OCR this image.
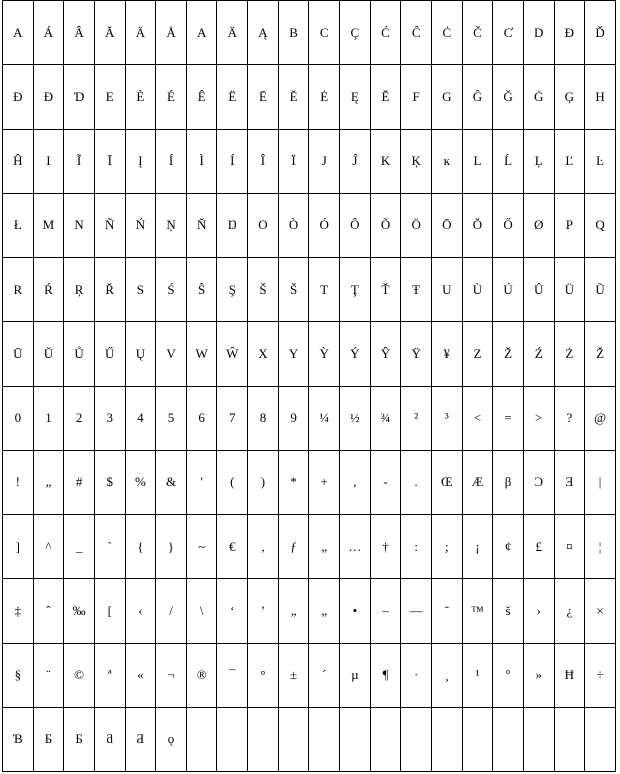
A	Á	Â	Ă	Ä	Å	A	Ä	Ą	B	C	Ç	Ć	Ĉ	Ċ	Č	C̓	D	Đ	Ď
Ð	Đ	Ɗ	E	È	É	Ê	Ë	Ē	Ĕ	Ė	Ę	Ě	F	G	Ĝ	Ğ	Ġ	Ģ	H
Ĥ	I	Ĩ	Ī	Į	Í	Ì	Í	Î	Ï	J	Ĵ	K	Ķ	ĸ	L	Ĺ	Ļ	Ľ	Ŀ
Ł	M	N	Ñ	Ń	Ņ	Ň	Ŋ	O	Ò	Ó	Ô	Õ	Ö	Ō	Ŏ	Ő	Ø	P	Q
R	Ŕ	Ŗ	Ř	S	Ś	Ŝ	Ş	Š	Š	T	Ţ	Ť	Ŧ	U	Ù	Ú	Û	Ü	Ũ
Ū	Ŭ	Ů	Ű	Ų	V	W	Ŵ	X	Y	Ỳ	Ý	Ŷ	Ÿ	¥	Z	Ž	Ź	Ż	Ž
0	1	2	3	4	5	6	7	8	9	¼	½	¾	²	³	<	=	>	?	@
!	„	#	$	%	&	'	(	)	*	+	,	-	.	Œ	Æ	β	Ɔ	Ǝ	|
]	^	_	`	{	}	~	€	,	ƒ	„	…	†	:	;	¡	¢	£	¤	¦
‡	ˆ	‰	[	‹	/	\	‘	’	„	„	•	–	—	˜	™	š	›	¿	×
§	¨	©	ª	«	¬	®	¯	°	±	´	µ	¶	·	¸	¹	º	»	Ħ	÷
Ɓ	Б	Ƃ	ƌ	Ƌ	ǫ														
